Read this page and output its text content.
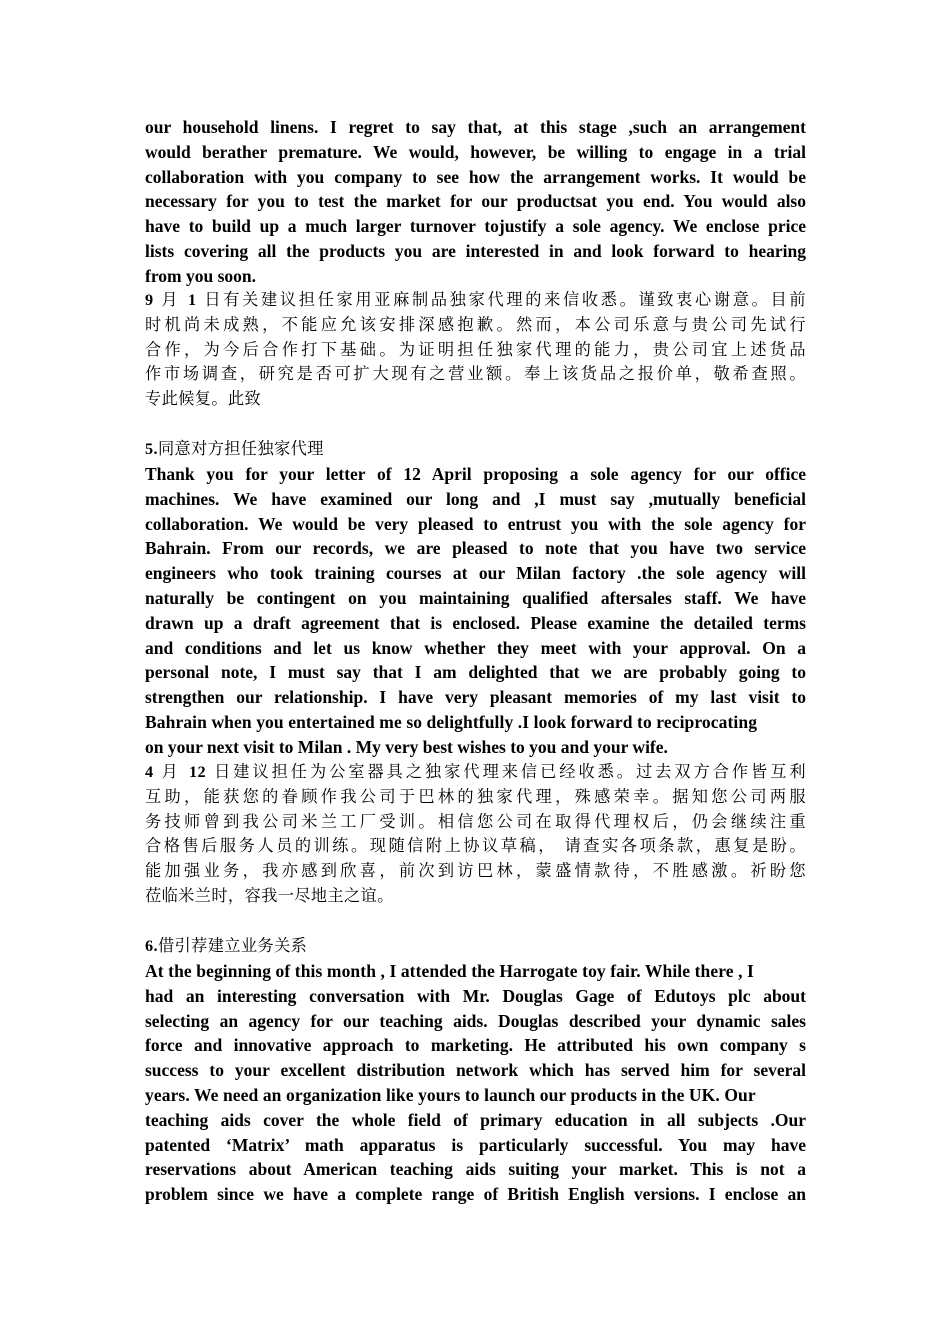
our household linens. I regret to say that, at this stage ,such an arrangement
would berather premature. We would, however, be willing to engage in a trial
collaboration with you company to see how the arrangement works. It would be
necessary for you to test the market for our productsat you end. You would also
have to build up a much larger turnover tojustify a sole agency. We enclose price
lists covering all the products you are interested in and look forward to hearing
from you soon.
9 月 1 日有关建议担任家用亚麻制品独家代理的来信收悉。谨致衷心谢意。目前
时机尚未成熟，不能应允该安排深感抱歉。然而，本公司乐意与贵公司先试行
合作，为今后合作打下基础。为证明担任独家代理的能力，贵公司宜上述货品
作市场调查，研究是否可扩大现有之营业额。奉上该货品之报价单，敬希查照。
专此候复。此致
5.同意对方担任独家代理
Thank you for your letter of 12 April proposing a sole agency for our office
machines. We have examined our long and ,I must say ,mutually beneficial
collaboration. We would be very pleased to entrust you with the sole agency for
Bahrain. From our records, we are pleased to note that you have two service
engineers who took training courses at our Milan factory .the sole agency will
naturally be contingent on you maintaining qualified aftersales staff. We have
drawn up a draft agreement that is enclosed. Please examine the detailed terms
and conditions and let us know whether they meet with your approval. On a
personal note, I must say that I am delighted that we are probably going to
strengthen our relationship. I have very pleasant memories of my last visit to
Bahrain when you entertained me so delightfully .I look forward to reciprocating
on your next visit to Milan . My very best wishes to you and your wife.
4 月 12 日建议担任为公室器具之独家代理来信已经收悉。过去双方合作皆互利
互助，能获您的眷顾作我公司于巴林的独家代理，殊感荣幸。据知您公司两服
务技师曾到我公司米兰工厂受训。相信您公司在取得代理权后，仍会继续注重
合格售后服务人员的训练。现随信附上协议草稿， 请查实各项条款，惠复是盼。
能加强业务，我亦感到欣喜，前次到访巴林，蒙盛情款待，不胜感激。祈盼您
莅临米兰时，容我一尽地主之谊。
6.借引荐建立业务关系
At the beginning of this month , I attended the Harrogate toy fair. While there , I
had an interesting conversation with Mr. Douglas Gage of Edutoys plc about
selecting an agency for our teaching aids. Douglas described your dynamic sales
force and innovative approach to marketing. He attributed his own company s
success to your excellent distribution network which has served him for several
years. We need an organization like yours to launch our products in the UK. Our
teaching aids cover the whole field of primary education in all subjects .Our
patented ‘Matrix’ math apparatus is particularly successful. You may have
reservations about American teaching aids suiting your market. This is not a
problem since we have a complete range of British English versions. I enclose an
